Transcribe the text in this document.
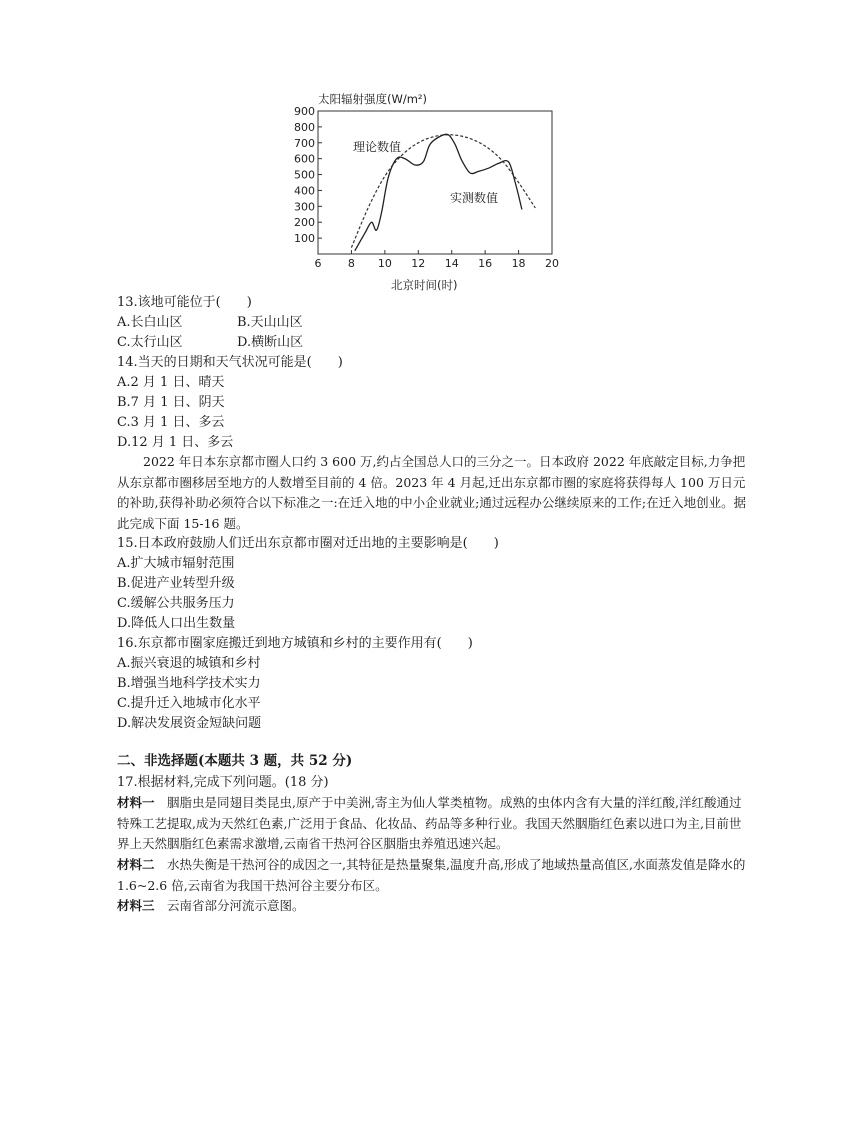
太阳辐射强度(W/m²)
100
200
300
400
500
600
700
800
900
6 8 10 12 14 16 18 20
理论数值
实测数值
北京时间(时)
13.该地可能位于(　　)
A.长白山区	B.天山山区
C.太行山区	D.横断山区
14.当天的日期和天气状况可能是(　　)
A.2 月 1 日、晴天
B.7 月 1 日、阴天
C.3 月 1 日、多云
D.12 月 1 日、多云
2022 年日本东京都市圈人口约 3 600 万,约占全国总人口的三分之一。日本政府 2022 年底敲定目标,力争把从东京都市圈移居至地方的人数增至目前的 4 倍。2023 年 4 月起,迁出东京都市圈的家庭将获得每人 100 万日元的补助,获得补助必须符合以下标准之一:在迁入地的中小企业就业;通过远程办公继续原来的工作;在迁入地创业。据此完成下面 15-16 题。
15.日本政府鼓励人们迁出东京都市圈对迁出地的主要影响是(　　)
A.扩大城市辐射范围
B.促进产业转型升级
C.缓解公共服务压力
D.降低人口出生数量
16.东京都市圈家庭搬迁到地方城镇和乡村的主要作用有(　　)
A.振兴衰退的城镇和乡村
B.增强当地科学技术实力
C.提升迁入地城市化水平
D.解决发展资金短缺问题
二、非选择题(本题共 3 题，共 52 分)
17.根据材料,完成下列问题。(18 分)
材料一　 胭脂虫是同翅目类昆虫,原产于中美洲,寄主为仙人掌类植物。成熟的虫体内含有大量的洋红酸,洋红酸通过特殊工艺提取,成为天然红色素,广泛用于食品、化妆品、药品等多种行业。我国天然胭脂红色素以进口为主,目前世界上天然胭脂红色素需求激增,云南省干热河谷区胭脂虫养殖迅速兴起。
材料二　 水热失衡是干热河谷的成因之一,其特征是热量聚集,温度升高,形成了地域热量高值区,水面蒸发值是降水的 1.6~2.6 倍,云南省为我国干热河谷主要分布区。
材料三　 云南省部分河流示意图。
